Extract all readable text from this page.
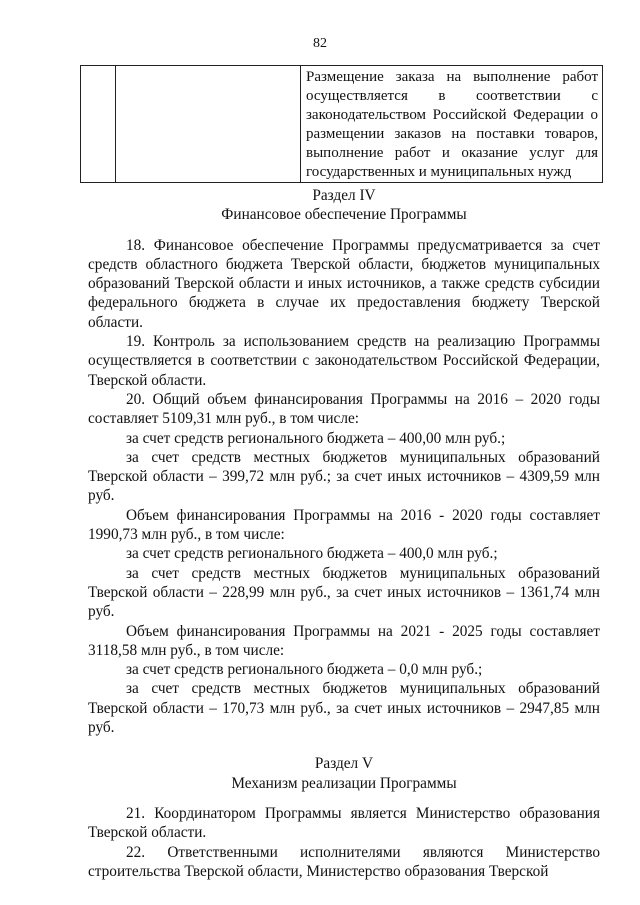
82
		Размещение заказа на выполнение работ осуществляется в соответствии с законодательством Российской Федерации о размещении заказов на поставки товаров, выполнение работ и оказание услуг для государственных и муниципальных нужд

Раздел IV

Финансовое обеспечение Программы

18. Финансовое обеспечение Программы предусматривается за счет средств областного бюджета Тверской области, бюджетов муниципальных образований Тверской области и иных источников, а также средств субсидии федерального бюджета в случае их предоставления бюджету Тверской области.

19. Контроль за использованием средств на реализацию Программы осуществляется в соответствии с законодательством Российской Федерации, Тверской области.

20. Общий объем финансирования Программы на 2016 – 2020 годы составляет 5109,31 млн руб., в том числе:

за счет средств регионального бюджета – 400,00 млн руб.;

за счет средств местных бюджетов муниципальных образований Тверской области – 399,72 млн руб.; за счет иных источников – 4309,59 млн руб.

Объем финансирования Программы на 2016 - 2020 годы составляет 1990,73 млн руб., в том числе:

за счет средств регионального бюджета – 400,0 млн руб.;

за счет средств местных бюджетов муниципальных образований Тверской области – 228,99 млн руб., за счет иных источников – 1361,74 млн руб.

Объем финансирования Программы на 2021 - 2025 годы составляет 3118,58 млн руб., в том числе:

за счет средств регионального бюджета – 0,0 млн руб.;

за счет средств местных бюджетов муниципальных образований Тверской области – 170,73 млн руб., за счет иных источников – 2947,85 млн руб.

Раздел V

Механизм реализации Программы

21. Координатором Программы является Министерство образования Тверской области.

22. Ответственными исполнителями являются Министерство строительства Тверской области, Министерство образования Тверской
